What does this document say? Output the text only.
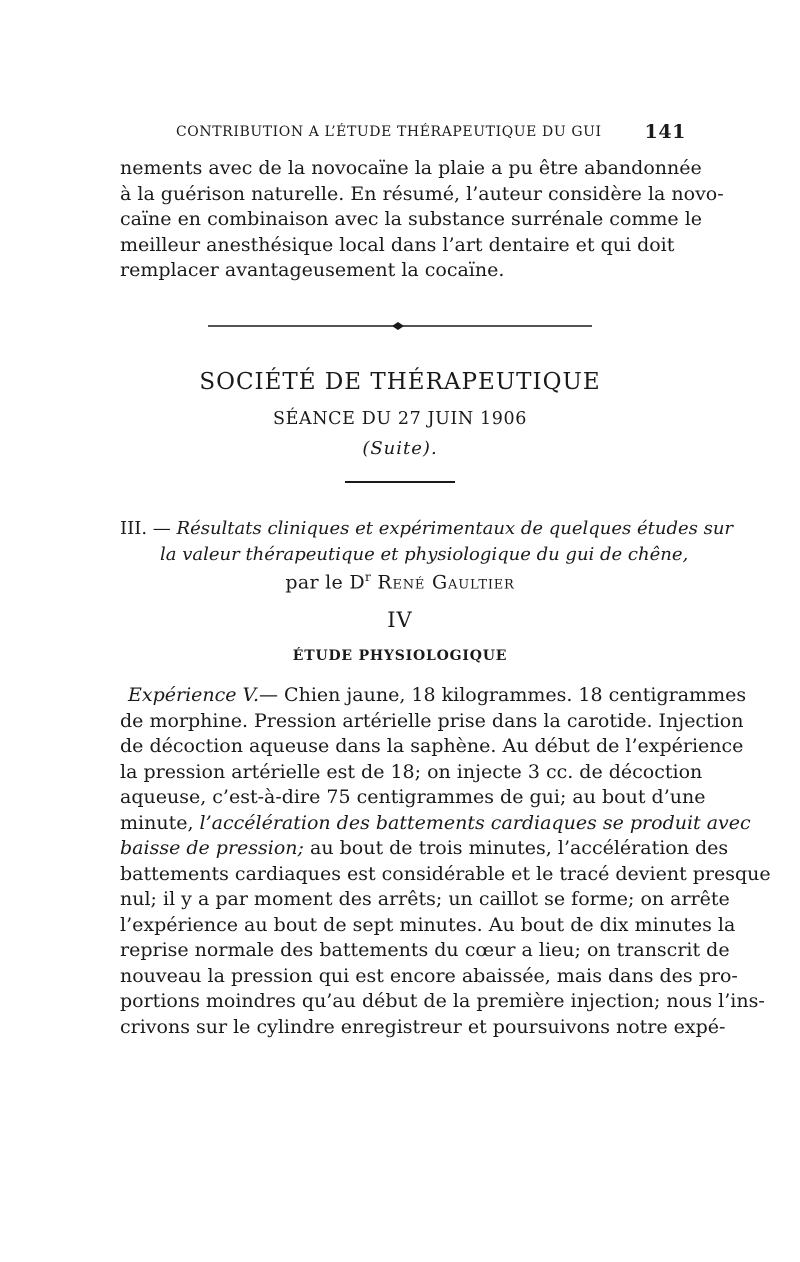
CONTRIBUTION A L’ÉTUDE THÉRAPEUTIQUE DU GUI 141
nements avec de la novocaïne la plaie a pu être abandonnée
à la guérison naturelle. En résumé, l’auteur considère la novo-
caïne en combinaison avec la substance surrénale comme le
meilleur anesthésique local dans l’art dentaire et qui doit
remplacer avantageusement la cocaïne.
SOCIÉTÉ DE THÉRAPEUTIQUE
SÉANCE DU 27 JUIN 1906
(Suite).
III. — Résultats cliniques et expérimentaux de quelques études sur
la valeur thérapeutique et physiologique du gui de chêne,
par le $D^r$ René Gaultier
IV
ÉTUDE PHYSIOLOGIQUE
Expérience V.— Chien jaune, 18 kilogrammes. 18 centigrammes
de morphine. Pression artérielle prise dans la carotide. Injection
de décoction aqueuse dans la saphène. Au début de l’expérience
la pression artérielle est de 18; on injecte 3 cc. de décoction
aqueuse, c’est-à-dire 75 centigrammes de gui; au bout d’une
minute, l’accélération des battements cardiaques se produit avec
baisse de pression; au bout de trois minutes, l’accélération des
battements cardiaques est considérable et le tracé devient presque
nul; il y a par moment des arrêts; un caillot se forme; on arrête
l’expérience au bout de sept minutes. Au bout de dix minutes la
reprise normale des battements du cœur a lieu; on transcrit de
nouveau la pression qui est encore abaissée, mais dans des pro-
portions moindres qu’au début de la première injection; nous l’ins-
crivons sur le cylindre enregistreur et poursuivons notre expé-
